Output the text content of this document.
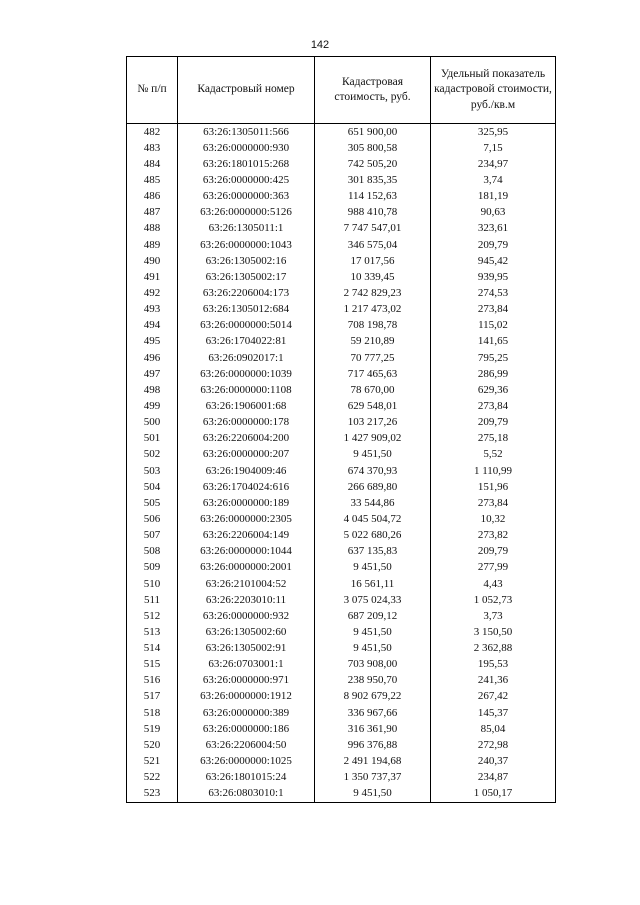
142
№ п/п	Кадастровый номер	Кадастровая стоимость, руб.	Удельный показатель кадастровой стоимости, руб./кв.м
482	63:26:1305011:566	651 900,00	325,95
483	63:26:0000000:930	305 800,58	7,15
484	63:26:1801015:268	742 505,20	234,97
485	63:26:0000000:425	301 835,35	3,74
486	63:26:0000000:363	114 152,63	181,19
487	63:26:0000000:5126	988 410,78	90,63
488	63:26:1305011:1	7 747 547,01	323,61
489	63:26:0000000:1043	346 575,04	209,79
490	63:26:1305002:16	17 017,56	945,42
491	63:26:1305002:17	10 339,45	939,95
492	63:26:2206004:173	2 742 829,23	274,53
493	63:26:1305012:684	1 217 473,02	273,84
494	63:26:0000000:5014	708 198,78	115,02
495	63:26:1704022:81	59 210,89	141,65
496	63:26:0902017:1	70 777,25	795,25
497	63:26:0000000:1039	717 465,63	286,99
498	63:26:0000000:1108	78 670,00	629,36
499	63:26:1906001:68	629 548,01	273,84
500	63:26:0000000:178	103 217,26	209,79
501	63:26:2206004:200	1 427 909,02	275,18
502	63:26:0000000:207	9 451,50	5,52
503	63:26:1904009:46	674 370,93	1 110,99
504	63:26:1704024:616	266 689,80	151,96
505	63:26:0000000:189	33 544,86	273,84
506	63:26:0000000:2305	4 045 504,72	10,32
507	63:26:2206004:149	5 022 680,26	273,82
508	63:26:0000000:1044	637 135,83	209,79
509	63:26:0000000:2001	9 451,50	277,99
510	63:26:2101004:52	16 561,11	4,43
511	63:26:2203010:11	3 075 024,33	1 052,73
512	63:26:0000000:932	687 209,12	3,73
513	63:26:1305002:60	9 451,50	3 150,50
514	63:26:1305002:91	9 451,50	2 362,88
515	63:26:0703001:1	703 908,00	195,53
516	63:26:0000000:971	238 950,70	241,36
517	63:26:0000000:1912	8 902 679,22	267,42
518	63:26:0000000:389	336 967,66	145,37
519	63:26:0000000:186	316 361,90	85,04
520	63:26:2206004:50	996 376,88	272,98
521	63:26:0000000:1025	2 491 194,68	240,37
522	63:26:1801015:24	1 350 737,37	234,87
523	63:26:0803010:1	9 451,50	1 050,17
